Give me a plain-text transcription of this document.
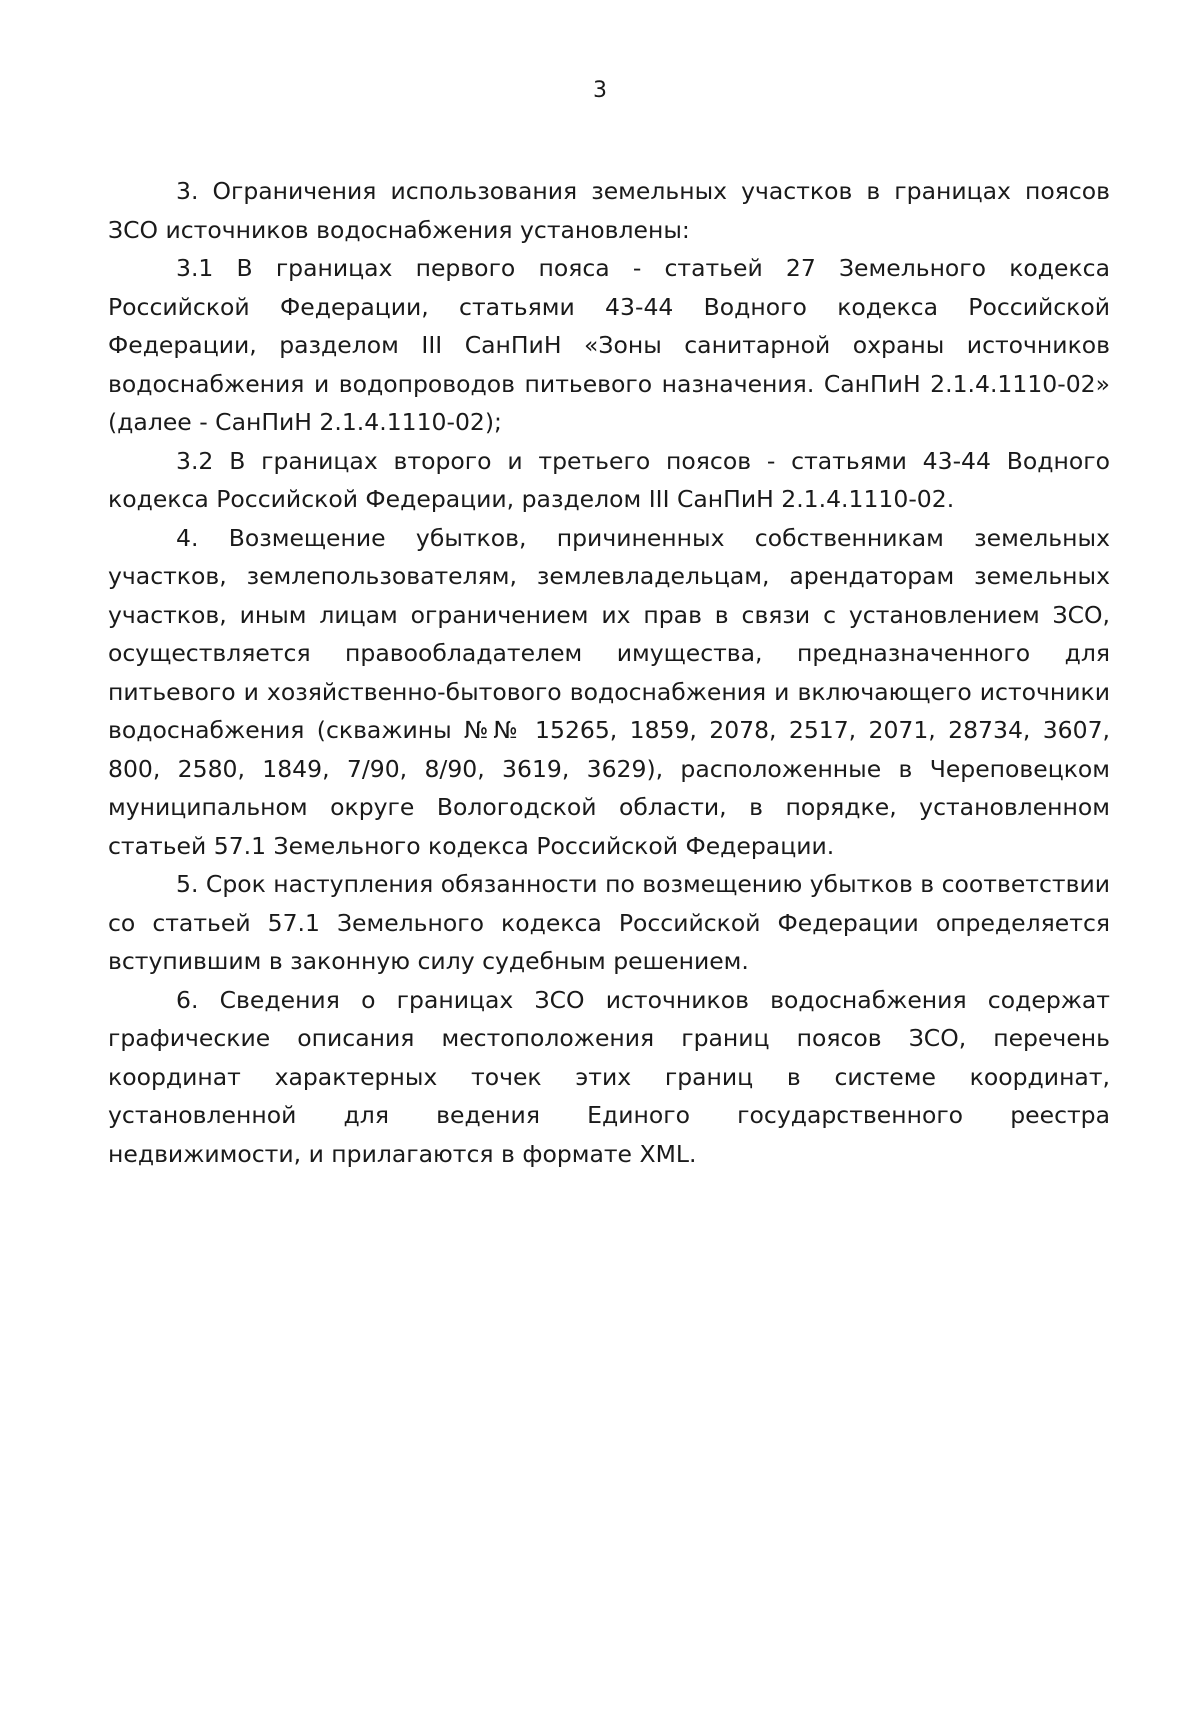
3

3. Ограничения использования земельных участков в границах поясов ЗСО источников водоснабжения установлены:

3.1 В границах первого пояса - статьей 27 Земельного кодекса Российской Федерации, статьями 43-44 Водного кодекса Российской Федерации, разделом III СанПиН «Зоны санитарной охраны источников водоснабжения и водопроводов питьевого назначения. СанПиН 2.1.4.1110-02» (далее - СанПиН 2.1.4.1110-02);

3.2 В границах второго и третьего поясов - статьями 43-44 Водного кодекса Российской Федерации, разделом III СанПиН 2.1.4.1110-02.

4. Возмещение убытков, причиненных собственникам земельных участков, землепользователям, землевладельцам, арендаторам земельных участков, иным лицам ограничением их прав в связи с установлением ЗСО, осуществляется правообладателем имущества, предназначенного для питьевого и хозяйственно-бытового водоснабжения и включающего источники водоснабжения (скважины №№ 15265, 1859, 2078, 2517, 2071, 28734, 3607, 800, 2580, 1849, 7/90, 8/90, 3619, 3629), расположенные в Череповецком муниципальном округе Вологодской области, в порядке, установленном статьей 57.1 Земельного кодекса Российской Федерации.

5. Срок наступления обязанности по возмещению убытков в соответствии со статьей 57.1 Земельного кодекса Российской Федерации определяется вступившим в законную силу судебным решением.

6. Сведения о границах ЗСО источников водоснабжения содержат графические описания местоположения границ поясов ЗСО, перечень координат характерных точек этих границ в системе координат, установленной для ведения Единого государственного реестра недвижимости, и прилагаются в формате XML.
